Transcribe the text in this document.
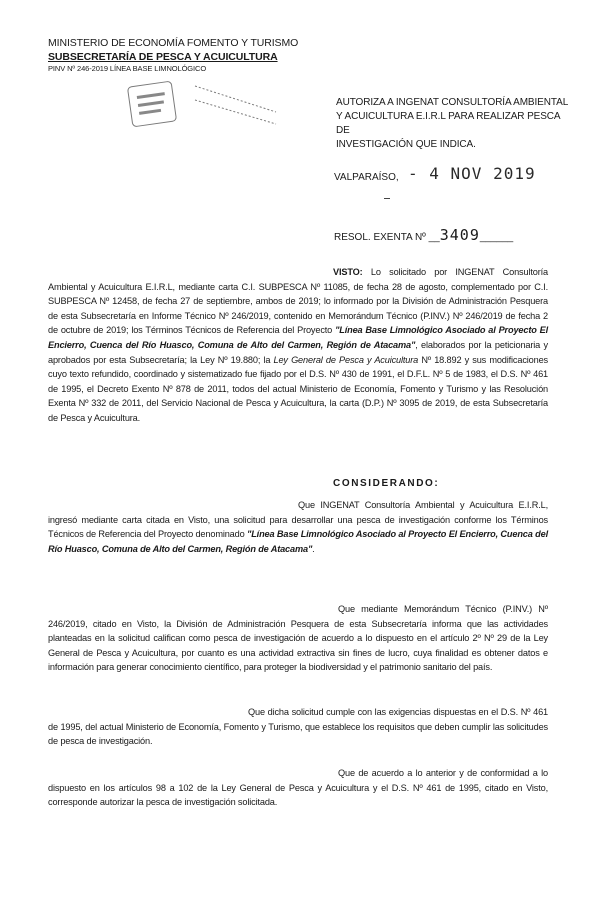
MINISTERIO DE ECONOMÍA FOMENTO Y TURISMO
SUBSECRETARÍA DE PESCA Y ACUICULTURA
PINV Nº 246-2019 LÍNEA BASE LIMNOLÓGICO
AUTORIZA A INGENAT CONSULTORÍA AMBIENTAL
Y ACUICULTURA E.I.R.L PARA REALIZAR PESCA DE
INVESTIGACIÓN QUE INDICA.
VALPARAÍSO, - 4 NOV 2019
RESOL. EXENTA Nº __3409______
VISTO: Lo solicitado por INGENAT Consultoría Ambiental y Acuicultura E.I.R.L, mediante carta C.I. SUBPESCA Nº 11085, de fecha 28 de agosto, complementado por C.I. SUBPESCA Nº 12458, de fecha 27 de septiembre, ambos de 2019; lo informado por la División de Administración Pesquera de esta Subsecretaría en Informe Técnico Nº 246/2019, contenido en Memorándum Técnico (P.INV.) Nº 246/2019 de fecha 2 de octubre de 2019; los Términos Técnicos de Referencia del Proyecto "Línea Base Limnológico Asociado al Proyecto El Encierro, Cuenca del Río Huasco, Comuna de Alto del Carmen, Región de Atacama", elaborados por la peticionaria y aprobados por esta Subsecretaría; la Ley Nº 19.880; la Ley General de Pesca y Acuicultura Nº 18.892 y sus modificaciones cuyo texto refundido, coordinado y sistematizado fue fijado por el D.S. Nº 430 de 1991, el D.F.L. Nº 5 de 1983, el D.S. Nº 461 de 1995, el Decreto Exento Nº 878 de 2011, todos del actual Ministerio de Economía, Fomento y Turismo y las Resolución Exenta Nº 332 de 2011, del Servicio Nacional de Pesca y Acuicultura, la carta (D.P.) Nº 3095 de 2019, de esta Subsecretaría de Pesca y Acuicultura.
CONSIDERANDO:
Que INGENAT Consultoría Ambiental y Acuicultura E.I.R.L, ingresó mediante carta citada en Visto, una solicitud para desarrollar una pesca de investigación conforme los Términos Técnicos de Referencia del Proyecto denominado "Línea Base Limnológico Asociado al Proyecto El Encierro, Cuenca del Río Huasco, Comuna de Alto del Carmen, Región de Atacama".
Que mediante Memorándum Técnico (P.INV.) Nº 246/2019, citado en Visto, la División de Administración Pesquera de esta Subsecretaría informa que las actividades planteadas en la solicitud califican como pesca de investigación de acuerdo a lo dispuesto en el artículo 2º Nº 29 de la Ley General de Pesca y Acuicultura, por cuanto es una actividad extractiva sin fines de lucro, cuya finalidad es obtener datos e información para generar conocimiento científico, para proteger la biodiversidad y el patrimonio sanitario del país.
Que dicha solicitud cumple con las exigencias dispuestas en el D.S. Nº 461 de 1995, del actual Ministerio de Economía, Fomento y Turismo, que establece los requisitos que deben cumplir las solicitudes de pesca de investigación.
Que de acuerdo a lo anterior y de conformidad a lo dispuesto en los artículos 98 a 102 de la Ley General de Pesca y Acuicultura y el D.S. Nº 461 de 1995, citado en Visto, corresponde autorizar la pesca de investigación solicitada.
